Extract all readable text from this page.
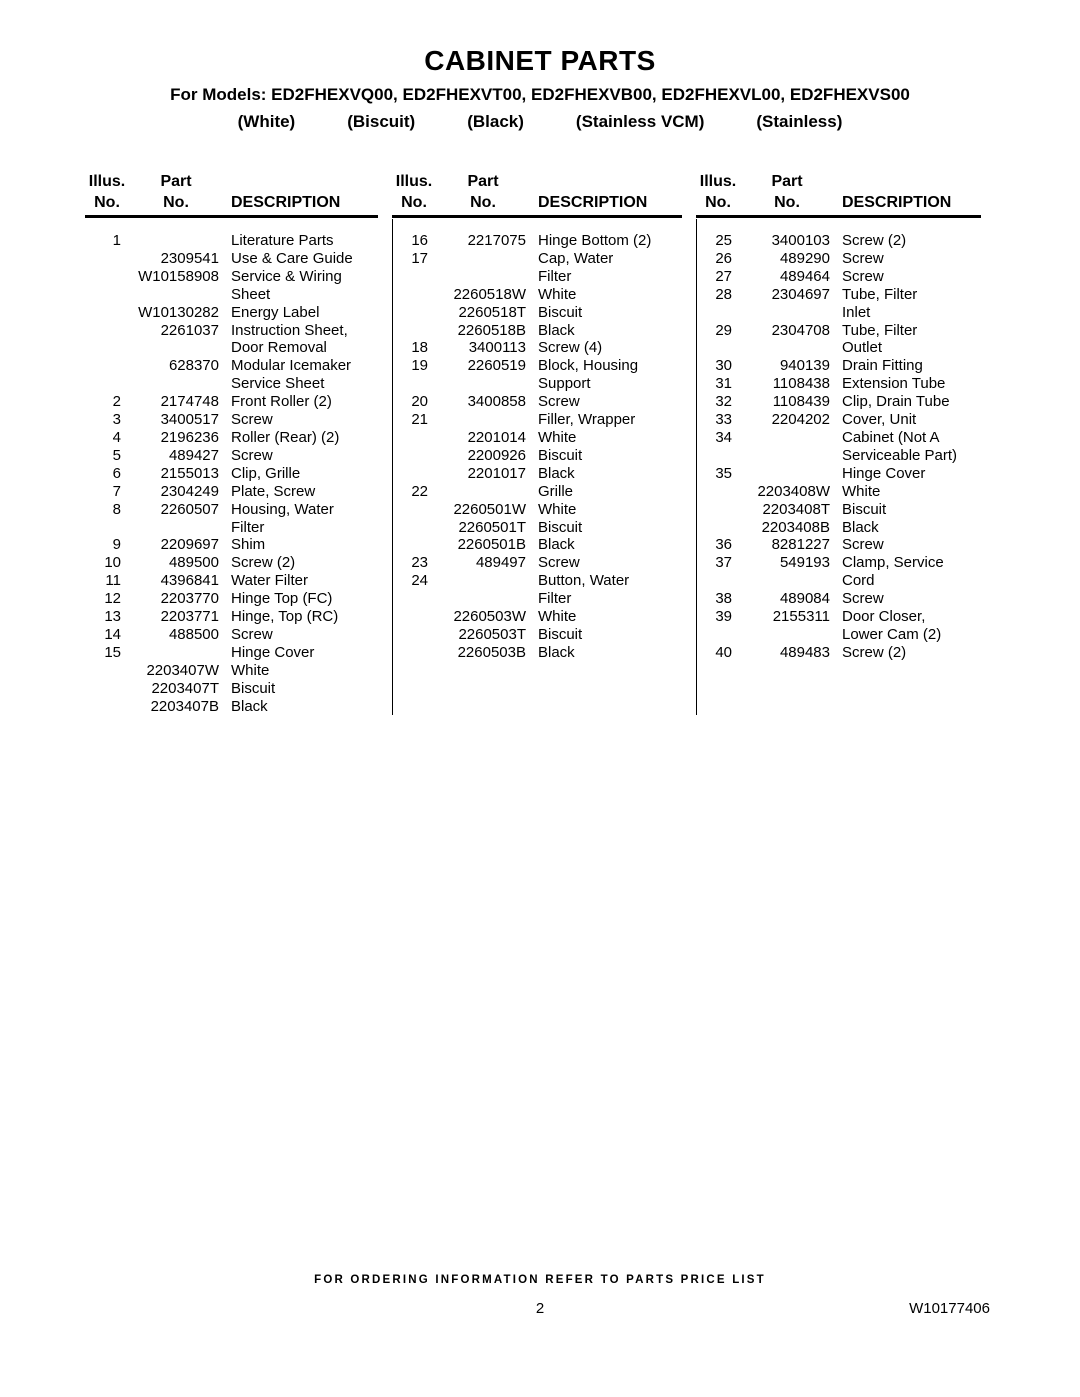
CABINET PARTS
For Models: ED2FHEXVQ00, ED2FHEXVT00, ED2FHEXVB00, ED2FHEXVL00, ED2FHEXVS00
(White)	(Biscuit)	(Black)	(Stainless VCM)	(Stainless)
Illus.	Part
No.	No.	DESCRIPTION
1	Literature Parts
2309541 Use & Care Guide
W10158908 Service & Wiring
Sheet
W10130282 Energy Label
2261037 Instruction Sheet,
Door Removal
628370 Modular Icemaker
Service Sheet
2	2174748 Front Roller (2)
3	3400517 Screw
4	2196236 Roller (Rear) (2)
5	489427 Screw
6	2155013 Clip, Grille
7	2304249 Plate, Screw
8	2260507 Housing, Water
Filter
9	2209697 Shim
10	489500 Screw (2)
11	4396841 Water Filter
12	2203770 Hinge Top (FC)
13	2203771 Hinge, Top (RC)
14	488500 Screw
15	Hinge Cover
2203407W White
2203407T Biscuit
2203407B Black
Illus.	Part
No.	No.	DESCRIPTION
16	2217075 Hinge Bottom (2)
17	Cap, Water
Filter
2260518W White
2260518T Biscuit
2260518B Black
18	3400113 Screw (4)
19	2260519 Block, Housing
Support
20	3400858 Screw
21	Filler, Wrapper
2201014 White
2200926 Biscuit
2201017 Black
22	Grille
2260501W White
2260501T Biscuit
2260501B Black
23	489497 Screw
24	Button, Water
Filter
2260503W White
2260503T Biscuit
2260503B Black
Illus.	Part
No.	No.	DESCRIPTION
25	3400103 Screw (2)
26	489290 Screw
27	489464 Screw
28	2304697 Tube, Filter
Inlet
29	2304708 Tube, Filter
Outlet
30	940139 Drain Fitting
31	1108438 Extension Tube
32	1108439 Clip, Drain Tube
33	2204202 Cover, Unit
34	Cabinet (Not A
Serviceable Part)
35	Hinge Cover
2203408W White
2203408T Biscuit
2203408B Black
36	8281227 Screw
37	549193 Clamp, Service
Cord
38	489084 Screw
39	2155311 Door Closer,
Lower Cam (2)
40	489483 Screw (2)
FOR ORDERING INFORMATION REFER TO PARTS PRICE LIST
2	W10177406
